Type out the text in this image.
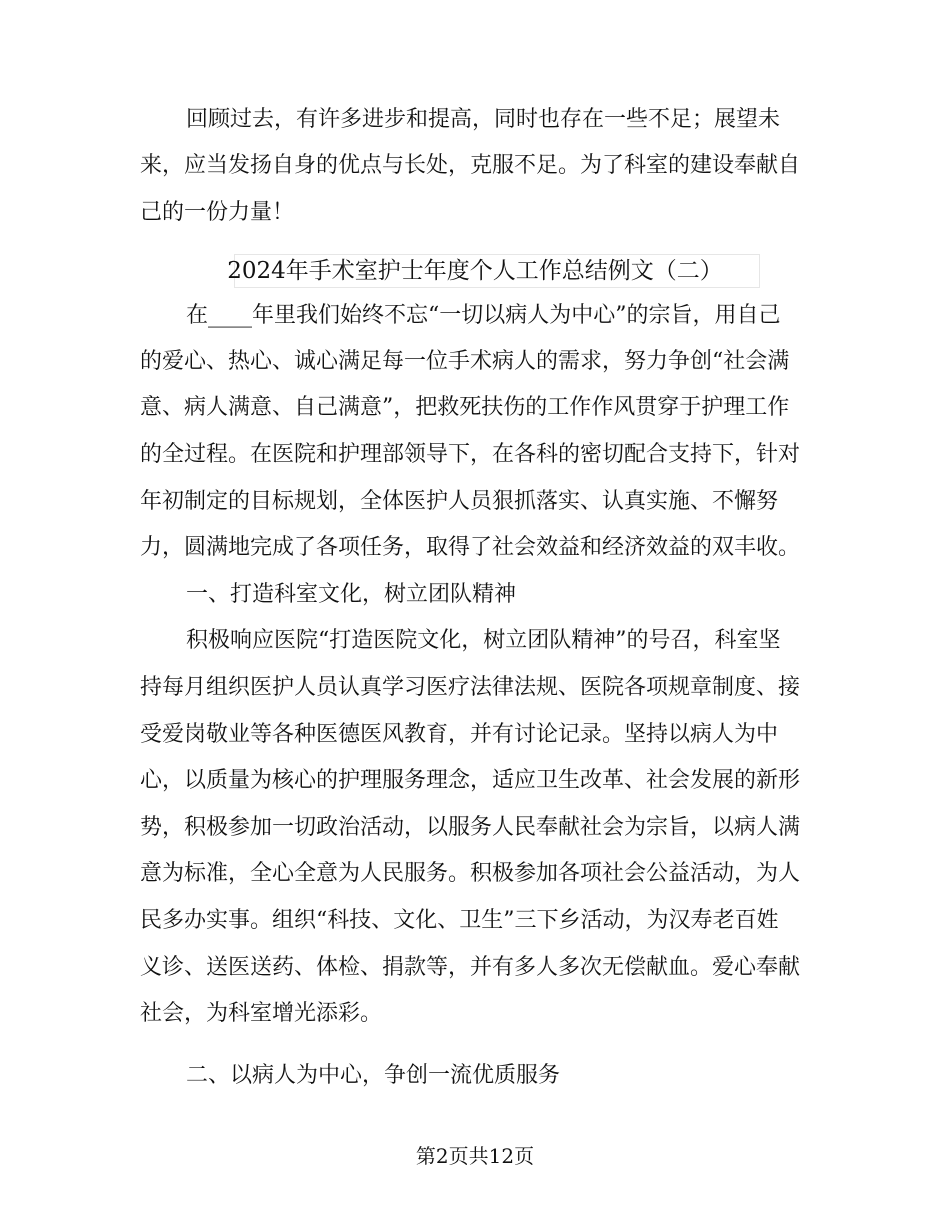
回顾过去，有许多进步和提高，同时也存在一些不足；展望未
来，应当发扬自身的优点与长处，克服不足。为了科室的建设奉献自
己的一份力量！
2024年手术室护士年度个人工作总结例文（二）
在____年里我们始终不忘“一切以病人为中心”的宗旨，用自己
的爱心、热心、诚心满足每一位手术病人的需求，努力争创“社会满
意、病人满意、自己满意”，把救死扶伤的工作作风贯穿于护理工作
的全过程。在医院和护理部领导下，在各科的密切配合支持下，针对
年初制定的目标规划，全体医护人员狠抓落实、认真实施、不懈努
力，圆满地完成了各项任务，取得了社会效益和经济效益的双丰收。
一、打造科室文化，树立团队精神
积极响应医院“打造医院文化，树立团队精神”的号召，科室坚
持每月组织医护人员认真学习医疗法律法规、医院各项规章制度、接
受爱岗敬业等各种医德医风教育，并有讨论记录。坚持以病人为中
心，以质量为核心的护理服务理念，适应卫生改革、社会发展的新形
势，积极参加一切政治活动，以服务人民奉献社会为宗旨，以病人满
意为标准，全心全意为人民服务。积极参加各项社会公益活动，为人
民多办实事。组织“科技、文化、卫生”三下乡活动，为汉寿老百姓
义诊、送医送药、体检、捐款等，并有多人多次无偿献血。爱心奉献
社会，为科室增光添彩。
二、以病人为中心，争创一流优质服务
第2页共12页
